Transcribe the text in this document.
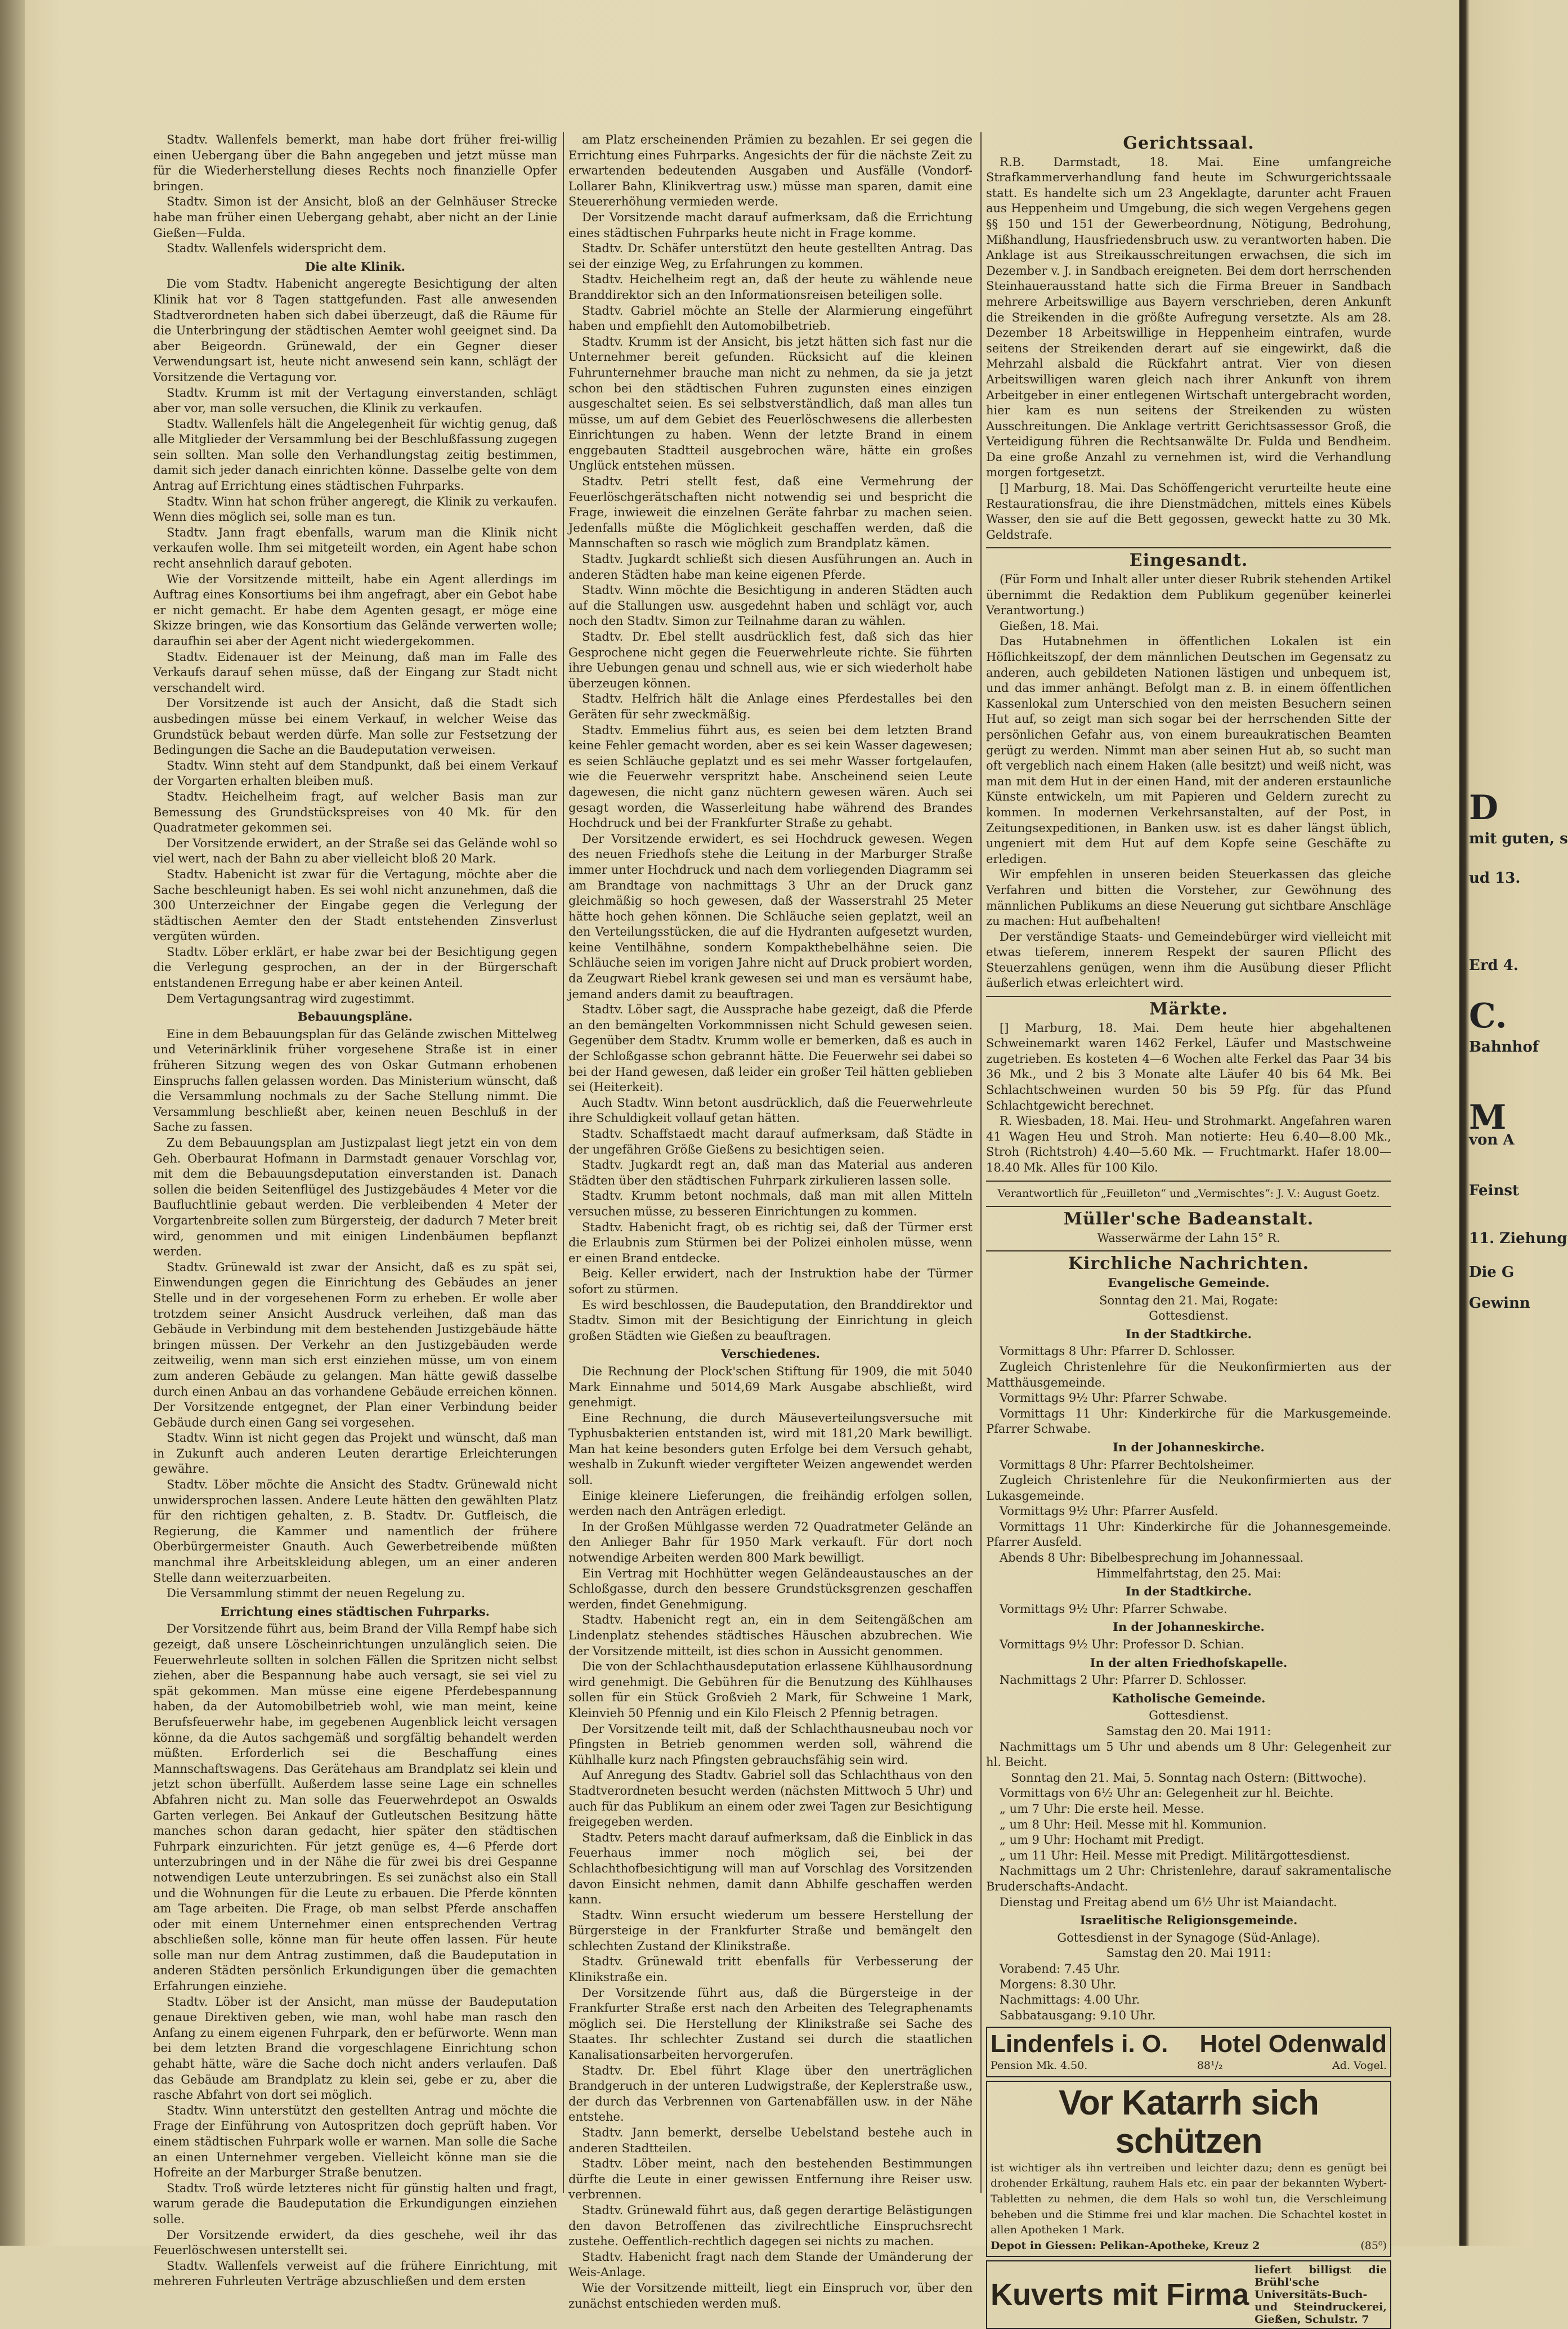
Stadtv. Wallenfels bemerkt, man habe dort früher frei-willig einen Uebergang über die Bahn angegeben und jetzt müsse man für die Wiederherstellung dieses Rechts noch finanzielle Opfer bringen.

Stadtv. Simon ist der Ansicht, bloß an der Gelnhäuser Strecke habe man früher einen Uebergang gehabt, aber nicht an der Linie Gießen—Fulda.

Stadtv. Wallenfels widerspricht dem.

Die alte Klinik.

Die vom Stadtv. Habenicht angeregte Besichtigung der alten Klinik hat vor 8 Tagen stattgefunden. Fast alle anwesenden Stadtverordneten haben sich dabei überzeugt, daß die Räume für die Unterbringung der städtischen Aemter wohl geeignet sind. Da aber Beigeordn. Grünewald, der ein Gegner dieser Verwendungsart ist, heute nicht anwesend sein kann, schlägt der Vorsitzende die Vertagung vor.

Stadtv. Krumm ist mit der Vertagung einverstanden, schlägt aber vor, man solle versuchen, die Klinik zu verkaufen.

Stadtv. Wallenfels hält die Angelegenheit für wichtig genug, daß alle Mitglieder der Versammlung bei der Beschlußfassung zugegen sein sollten. Man solle den Verhandlungstag zeitig bestimmen, damit sich jeder danach einrichten könne. Dasselbe gelte von dem Antrag auf Errichtung eines städtischen Fuhrparks.

Stadtv. Winn hat schon früher angeregt, die Klinik zu verkaufen. Wenn dies möglich sei, solle man es tun.

Stadtv. Jann fragt ebenfalls, warum man die Klinik nicht verkaufen wolle. Ihm sei mitgeteilt worden, ein Agent habe schon recht ansehnlich darauf geboten.

Wie der Vorsitzende mitteilt, habe ein Agent allerdings im Auftrag eines Konsortiums bei ihm angefragt, aber ein Gebot habe er nicht gemacht. Er habe dem Agenten gesagt, er möge eine Skizze bringen, wie das Konsortium das Gelände verwerten wolle; daraufhin sei aber der Agent nicht wiedergekommen.

Stadtv. Eidenauer ist der Meinung, daß man im Falle des Verkaufs darauf sehen müsse, daß der Eingang zur Stadt nicht verschandelt wird.

Der Vorsitzende ist auch der Ansicht, daß die Stadt sich ausbedingen müsse bei einem Verkauf, in welcher Weise das Grundstück bebaut werden dürfe. Man solle zur Festsetzung der Bedingungen die Sache an die Baudeputation verweisen.

Stadtv. Winn steht auf dem Standpunkt, daß bei einem Verkauf der Vorgarten erhalten bleiben muß.

Stadtv. Heichelheim fragt, auf welcher Basis man zur Bemessung des Grundstückspreises von 40 Mk. für den Quadratmeter gekommen sei.

Der Vorsitzende erwidert, an der Straße sei das Gelände wohl so viel wert, nach der Bahn zu aber vielleicht bloß 20 Mark.

Stadtv. Habenicht ist zwar für die Vertagung, möchte aber die Sache beschleunigt haben. Es sei wohl nicht anzunehmen, daß die 300 Unterzeichner der Eingabe gegen die Verlegung der städtischen Aemter den der Stadt entstehenden Zinsverlust vergüten würden.

Stadtv. Löber erklärt, er habe zwar bei der Besichtigung gegen die Verlegung gesprochen, an der in der Bürgerschaft entstandenen Erregung habe er aber keinen Anteil.

Dem Vertagungsantrag wird zugestimmt.

Bebauungspläne.

Eine in dem Bebauungsplan für das Gelände zwischen Mittelweg und Veterinärklinik früher vorgesehene Straße ist in einer früheren Sitzung wegen des von Oskar Gutmann erhobenen Einspruchs fallen gelassen worden. Das Ministerium wünscht, daß die Versammlung nochmals zu der Sache Stellung nimmt. Die Versammlung beschließt aber, keinen neuen Beschluß in der Sache zu fassen.

Zu dem Bebauungsplan am Justizpalast liegt jetzt ein von dem Geh. Oberbaurat Hofmann in Darmstadt genauer Vorschlag vor, mit dem die Bebauungsdeputation einverstanden ist. Danach sollen die beiden Seitenflügel des Justizgebäudes 4 Meter vor die Baufluchtlinie gebaut werden. Die verbleibenden 4 Meter der Vorgartenbreite sollen zum Bürgersteig, der dadurch 7 Meter breit wird, genommen und mit einigen Lindenbäumen bepflanzt werden.

Stadtv. Grünewald ist zwar der Ansicht, daß es zu spät sei, Einwendungen gegen die Einrichtung des Gebäudes an jener Stelle und in der vorgesehenen Form zu erheben. Er wolle aber trotzdem seiner Ansicht Ausdruck verleihen, daß man das Gebäude in Verbindung mit dem bestehenden Justizgebäude hätte bringen müssen. Der Verkehr an den Justizgebäuden werde zeitweilig, wenn man sich erst einziehen müsse, um von einem zum anderen Gebäude zu gelangen. Man hätte gewiß dasselbe durch einen Anbau an das vorhandene Gebäude erreichen können. Der Vorsitzende entgegnet, der Plan einer Verbindung beider Gebäude durch einen Gang sei vorgesehen.

Stadtv. Winn ist nicht gegen das Projekt und wünscht, daß man in Zukunft auch anderen Leuten derartige Erleichterungen gewähre.

Stadtv. Löber möchte die Ansicht des Stadtv. Grünewald nicht unwidersprochen lassen. Andere Leute hätten den gewählten Platz für den richtigen gehalten, z. B. Stadtv. Dr. Gutfleisch, die Regierung, die Kammer und namentlich der frühere Oberbürgermeister Gnauth. Auch Gewerbetreibende müßten manchmal ihre Arbeitskleidung ablegen, um an einer anderen Stelle dann weiterzuarbeiten.

Die Versammlung stimmt der neuen Regelung zu.

Errichtung eines städtischen Fuhrparks.

Der Vorsitzende führt aus, beim Brand der Villa Rempf habe sich gezeigt, daß unsere Löscheinrichtungen unzulänglich seien. Die Feuerwehrleute sollten in solchen Fällen die Spritzen nicht selbst ziehen, aber die Bespannung habe auch versagt, sie sei viel zu spät gekommen. Man müsse eine eigene Pferdebespannung haben, da der Automobilbetrieb wohl, wie man meint, keine Berufsfeuerwehr habe, im gegebenen Augenblick leicht versagen könne, da die Autos sachgemäß und sorgfältig behandelt werden müßten. Erforderlich sei die Beschaffung eines Mannschaftswagens. Das Gerätehaus am Brandplatz sei klein und jetzt schon überfüllt. Außerdem lasse seine Lage ein schnelles Abfahren nicht zu. Man solle das Feuerwehrdepot an Oswalds Garten verlegen. Bei Ankauf der Gutleutschen Besitzung hätte manches schon daran gedacht, hier später den städtischen Fuhrpark einzurichten. Für jetzt genüge es, 4—6 Pferde dort unterzubringen und in der Nähe die für zwei bis drei Gespanne notwendigen Leute unterzubringen. Es sei zunächst also ein Stall und die Wohnungen für die Leute zu erbauen. Die Pferde könnten am Tage arbeiten. Die Frage, ob man selbst Pferde anschaffen oder mit einem Unternehmer einen entsprechenden Vertrag abschließen solle, könne man für heute offen lassen. Für heute solle man nur dem Antrag zustimmen, daß die Baudeputation in anderen Städten persönlich Erkundigungen über die gemachten Erfahrungen einziehe.

Stadtv. Löber ist der Ansicht, man müsse der Baudeputation genaue Direktiven geben, wie man, wohl habe man rasch den Anfang zu einem eigenen Fuhrpark, den er befürworte. Wenn man bei dem letzten Brand die vorgeschlagene Einrichtung schon gehabt hätte, wäre die Sache doch nicht anders verlaufen. Daß das Gebäude am Brandplatz zu klein sei, gebe er zu, aber die rasche Abfahrt von dort sei möglich.

Stadtv. Winn unterstützt den gestellten Antrag und möchte die Frage der Einführung von Autospritzen doch geprüft haben. Vor einem städtischen Fuhrpark wolle er warnen. Man solle die Sache an einen Unternehmer vergeben. Vielleicht könne man sie die Hofreite an der Marburger Straße benutzen.

Stadtv. Troß würde letzteres nicht für günstig halten und fragt, warum gerade die Baudeputation die Erkundigungen einziehen solle.

Der Vorsitzende erwidert, da dies geschehe, weil ihr das Feuerlöschwesen unterstellt sei.

Stadtv. Wallenfels verweist auf die frühere Einrichtung, mit mehreren Fuhrleuten Verträge abzuschließen und dem ersten

am Platz erscheinenden Prämien zu bezahlen. Er sei gegen die Errichtung eines Fuhrparks. Angesichts der für die nächste Zeit zu erwartenden bedeutenden Ausgaben und Ausfälle (Vondorf-Lollarer Bahn, Klinikvertrag usw.) müsse man sparen, damit eine Steuererhöhung vermieden werde.

Der Vorsitzende macht darauf aufmerksam, daß die Errichtung eines städtischen Fuhrparks heute nicht in Frage komme.

Stadtv. Dr. Schäfer unterstützt den heute gestellten Antrag. Das sei der einzige Weg, zu Erfahrungen zu kommen.

Stadtv. Heichelheim regt an, daß der heute zu wählende neue Branddirektor sich an den Informationsreisen beteiligen solle.

Stadtv. Gabriel möchte an Stelle der Alarmierung eingeführt haben und empfiehlt den Automobilbetrieb.

Stadtv. Krumm ist der Ansicht, bis jetzt hätten sich fast nur die Unternehmer bereit gefunden. Rücksicht auf die kleinen Fuhrunternehmer brauche man nicht zu nehmen, da sie ja jetzt schon bei den städtischen Fuhren zugunsten eines einzigen ausgeschaltet seien. Es sei selbstverständlich, daß man alles tun müsse, um auf dem Gebiet des Feuerlöschwesens die allerbesten Einrichtungen zu haben. Wenn der letzte Brand in einem enggebauten Stadtteil ausgebrochen wäre, hätte ein großes Unglück entstehen müssen.

Stadtv. Petri stellt fest, daß eine Vermehrung der Feuerlöschgerätschaften nicht notwendig sei und bespricht die Frage, inwieweit die einzelnen Geräte fahrbar zu machen seien. Jedenfalls müßte die Möglichkeit geschaffen werden, daß die Mannschaften so rasch wie möglich zum Brandplatz kämen.

Stadtv. Jugkardt schließt sich diesen Ausführungen an. Auch in anderen Städten habe man keine eigenen Pferde.

Stadtv. Winn möchte die Besichtigung in anderen Städten auch auf die Stallungen usw. ausgedehnt haben und schlägt vor, auch noch den Stadtv. Simon zur Teilnahme daran zu wählen.

Stadtv. Dr. Ebel stellt ausdrücklich fest, daß sich das hier Gesprochene nicht gegen die Feuerwehrleute richte. Sie führten ihre Uebungen genau und schnell aus, wie er sich wiederholt habe überzeugen können.

Stadtv. Helfrich hält die Anlage eines Pferdestalles bei den Geräten für sehr zweckmäßig.

Stadtv. Emmelius führt aus, es seien bei dem letzten Brand keine Fehler gemacht worden, aber es sei kein Wasser dagewesen; es seien Schläuche geplatzt und es sei mehr Wasser fortgelaufen, wie die Feuerwehr verspritzt habe. Anscheinend seien Leute dagewesen, die nicht ganz nüchtern gewesen wären. Auch sei gesagt worden, die Wasserleitung habe während des Brandes Hochdruck und bei der Frankfurter Straße zu gehabt.

Der Vorsitzende erwidert, es sei Hochdruck gewesen. Wegen des neuen Friedhofs stehe die Leitung in der Marburger Straße immer unter Hochdruck und nach dem vorliegenden Diagramm sei am Brandtage von nachmittags 3 Uhr an der Druck ganz gleichmäßig so hoch gewesen, daß der Wasserstrahl 25 Meter hätte hoch gehen können. Die Schläuche seien geplatzt, weil an den Verteilungsstücken, die auf die Hydranten aufgesetzt wurden, keine Ventilhähne, sondern Kompakthebelhähne seien. Die Schläuche seien im vorigen Jahre nicht auf Druck probiert worden, da Zeugwart Riebel krank gewesen sei und man es versäumt habe, jemand anders damit zu beauftragen.

Stadtv. Löber sagt, die Aussprache habe gezeigt, daß die Pferde an den bemängelten Vorkommnissen nicht Schuld gewesen seien. Gegenüber dem Stadtv. Krumm wolle er bemerken, daß es auch in der Schloßgasse schon gebrannt hätte. Die Feuerwehr sei dabei so bei der Hand gewesen, daß leider ein großer Teil hätten geblieben sei (Heiterkeit).

Auch Stadtv. Winn betont ausdrücklich, daß die Feuerwehrleute ihre Schuldigkeit vollauf getan hätten.

Stadtv. Schaffstaedt macht darauf aufmerksam, daß Städte in der ungefähren Größe Gießens zu besichtigen seien.

Stadtv. Jugkardt regt an, daß man das Material aus anderen Städten über den städtischen Fuhrpark zirkulieren lassen solle.

Stadtv. Krumm betont nochmals, daß man mit allen Mitteln versuchen müsse, zu besseren Einrichtungen zu kommen.

Stadtv. Habenicht fragt, ob es richtig sei, daß der Türmer erst die Erlaubnis zum Stürmen bei der Polizei einholen müsse, wenn er einen Brand entdecke.

Beig. Keller erwidert, nach der Instruktion habe der Türmer sofort zu stürmen.

Es wird beschlossen, die Baudeputation, den Branddirektor und Stadtv. Simon mit der Besichtigung der Einrichtung in gleich großen Städten wie Gießen zu beauftragen.

Verschiedenes.

Die Rechnung der Plock'schen Stiftung für 1909, die mit 5040 Mark Einnahme und 5014,69 Mark Ausgabe abschließt, wird genehmigt.

Eine Rechnung, die durch Mäuseverteilungsversuche mit Typhusbakterien entstanden ist, wird mit 181,20 Mark bewilligt. Man hat keine besonders guten Erfolge bei dem Versuch gehabt, weshalb in Zukunft wieder vergifteter Weizen angewendet werden soll.

Einige kleinere Lieferungen, die freihändig erfolgen sollen, werden nach den Anträgen erledigt.

In der Großen Mühlgasse werden 72 Quadratmeter Gelände an den Anlieger Bahr für 1950 Mark verkauft. Für dort noch notwendige Arbeiten werden 800 Mark bewilligt.

Ein Vertrag mit Hochhütter wegen Geländeaustausches an der Schloßgasse, durch den bessere Grundstücksgrenzen geschaffen werden, findet Genehmigung.

Stadtv. Habenicht regt an, ein in dem Seitengäßchen am Lindenplatz stehendes städtisches Häuschen abzubrechen. Wie der Vorsitzende mitteilt, ist dies schon in Aussicht genommen.

Die von der Schlachthausdeputation erlassene Kühlhausordnung wird genehmigt. Die Gebühren für die Benutzung des Kühlhauses sollen für ein Stück Großvieh 2 Mark, für Schweine 1 Mark, Kleinvieh 50 Pfennig und ein Kilo Fleisch 2 Pfennig betragen.

Der Vorsitzende teilt mit, daß der Schlachthausneubau noch vor Pfingsten in Betrieb genommen werden soll, während die Kühlhalle kurz nach Pfingsten gebrauchsfähig sein wird.

Auf Anregung des Stadtv. Gabriel soll das Schlachthaus von den Stadtverordneten besucht werden (nächsten Mittwoch 5 Uhr) und auch für das Publikum an einem oder zwei Tagen zur Besichtigung freigegeben werden.

Stadtv. Peters macht darauf aufmerksam, daß die Einblick in das Feuerhaus immer noch möglich sei, bei der Schlachthofbesichtigung will man auf Vorschlag des Vorsitzenden davon Einsicht nehmen, damit dann Abhilfe geschaffen werden kann.

Stadtv. Winn ersucht wiederum um bessere Herstellung der Bürgersteige in der Frankfurter Straße und bemängelt den schlechten Zustand der Klinikstraße.

Stadtv. Grünewald tritt ebenfalls für Verbesserung der Klinikstraße ein.

Der Vorsitzende führt aus, daß die Bürgersteige in der Frankfurter Straße erst nach den Arbeiten des Telegraphenamts möglich sei. Die Herstellung der Klinikstraße sei Sache des Staates. Ihr schlechter Zustand sei durch die staatlichen Kanalisationsarbeiten hervorgerufen.

Stadtv. Dr. Ebel führt Klage über den unerträglichen Brandgeruch in der unteren Ludwigstraße, der Keplerstraße usw., der durch das Verbrennen von Gartenabfällen usw. in der Nähe entstehe.

Stadtv. Jann bemerkt, derselbe Uebelstand bestehe auch in anderen Stadtteilen.

Stadtv. Löber meint, nach den bestehenden Bestimmungen dürfte die Leute in einer gewissen Entfernung ihre Reiser usw. verbrennen.

Stadtv. Grünewald führt aus, daß gegen derartige Belästigungen den davon Betroffenen das zivilrechtliche Einspruchsrecht zustehe. Oeffentlich-rechtlich dagegen sei nichts zu machen.

Stadtv. Habenicht fragt nach dem Stande der Umänderung der Weis-Anlage.

Wie der Vorsitzende mitteilt, liegt ein Einspruch vor, über den zunächst entschieden werden muß.

Gerichtssaal.

R.B. Darmstadt, 18. Mai. Eine umfangreiche Strafkammerverhandlung fand heute im Schwurgerichtssaale statt. Es handelte sich um 23 Angeklagte, darunter acht Frauen aus Heppenheim und Umgebung, die sich wegen Vergehens gegen §§ 150 und 151 der Gewerbeordnung, Nötigung, Bedrohung, Mißhandlung, Hausfriedensbruch usw. zu verantworten haben. Die Anklage ist aus Streikausschreitungen erwachsen, die sich im Dezember v. J. in Sandbach ereigneten. Bei dem dort herrschenden Steinhauerausstand hatte sich die Firma Breuer in Sandbach mehrere Arbeitswillige aus Bayern verschrieben, deren Ankunft die Streikenden in die größte Aufregung versetzte. Als am 28. Dezember 18 Arbeitswillige in Heppenheim eintrafen, wurde seitens der Streikenden derart auf sie eingewirkt, daß die Mehrzahl alsbald die Rückfahrt antrat. Vier von diesen Arbeitswilligen waren gleich nach ihrer Ankunft von ihrem Arbeitgeber in einer entlegenen Wirtschaft untergebracht worden, hier kam es nun seitens der Streikenden zu wüsten Ausschreitungen. Die Anklage vertritt Gerichtsassessor Groß, die Verteidigung führen die Rechtsanwälte Dr. Fulda und Bendheim. Da eine große Anzahl zu vernehmen ist, wird die Verhandlung morgen fortgesetzt.

[] Marburg, 18. Mai. Das Schöffengericht verurteilte heute eine Restaurationsfrau, die ihre Dienstmädchen, mittels eines Kübels Wasser, den sie auf die Bett gegossen, geweckt hatte zu 30 Mk. Geldstrafe.

Eingesandt.

(Für Form und Inhalt aller unter dieser Rubrik stehenden Artikel übernimmt die Redaktion dem Publikum gegenüber keinerlei Verantwortung.)

Gießen, 18. Mai.

Das Hutabnehmen in öffentlichen Lokalen ist ein Höflichkeitszopf, der dem männlichen Deutschen im Gegensatz zu anderen, auch gebildeten Nationen lästigen und unbequem ist, und das immer anhängt. Befolgt man z. B. in einem öffentlichen Kassenlokal zum Unterschied von den meisten Besuchern seinen Hut auf, so zeigt man sich sogar bei der herrschenden Sitte der persönlichen Gefahr aus, von einem bureaukratischen Beamten gerügt zu werden. Nimmt man aber seinen Hut ab, so sucht man oft vergeblich nach einem Haken (alle besitzt) und weiß nicht, was man mit dem Hut in der einen Hand, mit der anderen erstaunliche Künste entwickeln, um mit Papieren und Geldern zurecht zu kommen. In modernen Verkehrsanstalten, auf der Post, in Zeitungsexpeditionen, in Banken usw. ist es daher längst üblich, ungeniert mit dem Hut auf dem Kopfe seine Geschäfte zu erledigen.

Wir empfehlen in unseren beiden Steuerkassen das gleiche Verfahren und bitten die Vorsteher, zur Gewöhnung des männlichen Publikums an diese Neuerung gut sichtbare Anschläge zu machen: Hut aufbehalten!

Der verständige Staats- und Gemeindebürger wird vielleicht mit etwas tieferem, innerem Respekt der sauren Pflicht des Steuerzahlens genügen, wenn ihm die Ausübung dieser Pflicht äußerlich etwas erleichtert wird.

Märkte.

[] Marburg, 18. Mai. Dem heute hier abgehaltenen Schweinemarkt waren 1462 Ferkel, Läufer und Mastschweine zugetrieben. Es kosteten 4—6 Wochen alte Ferkel das Paar 34 bis 36 Mk., und 2 bis 3 Monate alte Läufer 40 bis 64 Mk. Bei Schlachtschweinen wurden 50 bis 59 Pfg. für das Pfund Schlachtgewicht berechnet.

R. Wiesbaden, 18. Mai. Heu- und Strohmarkt. Angefahren waren 41 Wagen Heu und Stroh. Man notierte: Heu 6.40—8.00 Mk., Stroh (Richtstroh) 4.40—5.60 Mk. — Fruchtmarkt. Hafer 18.00—18.40 Mk. Alles für 100 Kilo.

Verantwortlich für „Feuilleton“ und „Vermischtes“: J. V.: August Goetz.
Müller'sche Badeanstalt.
Wasserwärme der Lahn 15° R.
Kirchliche Nachrichten.
Evangelische Gemeinde.

Sonntag den 21. Mai, Rogate:

Gottesdienst.

In der Stadtkirche.

Vormittags 8 Uhr: Pfarrer D. Schlosser.

Zugleich Christenlehre für die Neukonfirmierten aus der Matthäusgemeinde.

Vormittags 9½ Uhr: Pfarrer Schwabe.

Vormittags 11 Uhr: Kinderkirche für die Markusgemeinde. Pfarrer Schwabe.

In der Johanneskirche.

Vormittags 8 Uhr: Pfarrer Bechtolsheimer.

Zugleich Christenlehre für die Neukonfirmierten aus der Lukasgemeinde.

Vormittags 9½ Uhr: Pfarrer Ausfeld.

Vormittags 11 Uhr: Kinderkirche für die Johannesgemeinde. Pfarrer Ausfeld.

Abends 8 Uhr: Bibelbesprechung im Johannessaal.

Himmelfahrtstag, den 25. Mai:

In der Stadtkirche.

Vormittags 9½ Uhr: Pfarrer Schwabe.

In der Johanneskirche.

Vormittags 9½ Uhr: Professor D. Schian.

In der alten Friedhofskapelle.

Nachmittags 2 Uhr: Pfarrer D. Schlosser.

Katholische Gemeinde.

Gottesdienst.

Samstag den 20. Mai 1911:

Nachmittags um 5 Uhr und abends um 8 Uhr: Gelegenheit zur hl. Beicht.

Sonntag den 21. Mai, 5. Sonntag nach Ostern: (Bittwoche).

Vormittags von 6½ Uhr an: Gelegenheit zur hl. Beichte.

„ um 7 Uhr: Die erste heil. Messe.

„ um 8 Uhr: Heil. Messe mit hl. Kommunion.

„ um 9 Uhr: Hochamt mit Predigt.

„ um 11 Uhr: Heil. Messe mit Predigt. Militärgottesdienst.

Nachmittags um 2 Uhr: Christenlehre, darauf sakramentalische Bruderschafts-Andacht.

Dienstag und Freitag abend um 6½ Uhr ist Maiandacht.

Israelitische Religionsgemeinde.

Gottesdienst in der Synagoge (Süd-Anlage).

Samstag den 20. Mai 1911:

Vorabend: 7.45 Uhr.

Morgens: 8.30 Uhr.

Nachmittags: 4.00 Uhr.

Sabbatausgang: 9.10 Uhr.

Lindenfels i. O. Hotel Odenwald
Pension Mk. 4.50.	88¹/₂	Ad. Vogel.
Vor Katarrh sich schützen

ist wichtiger als ihn vertreiben und leichter dazu; denn es genügt bei drohender Erkältung, rauhem Hals etc. ein paar der bekannten Wybert-Tabletten zu nehmen, die dem Hals so wohl tun, die Verschleimung beheben und die Stimme frei und klar machen. Die Schachtel kostet in allen Apotheken 1 Mark.

Depot in Giessen: Pelikan-Apotheke, Kreuz 2	(85⁰)
Kuverts mit Firma
liefert billigst die Brühl'sche Universitäts-Buch- und Steindruckerei, Gießen, Schulstr. 7
D
mit guten, s
ud 13.
Erd 4.
C.
Bahnhof
M
von A
Feinst
11. Ziehung
Die G
Gewinn
